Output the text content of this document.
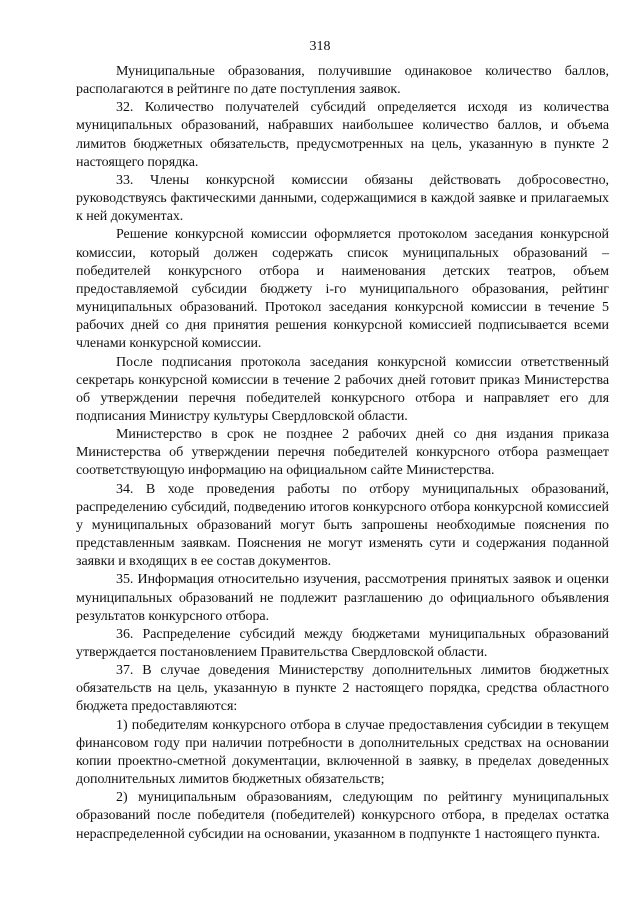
318

Муниципальные образования, получившие одинаковое количество баллов, располагаются в рейтинге по дате поступления заявок.

32. Количество получателей субсидий определяется исходя из количества муниципальных образований, набравших наибольшее количество баллов, и объема лимитов бюджетных обязательств, предусмотренных на цель, указанную в пункте 2 настоящего порядка.

33. Члены конкурсной комиссии обязаны действовать добросовестно, руководствуясь фактическими данными, содержащимися в каждой заявке и прилагаемых к ней документах.

Решение конкурсной комиссии оформляется протоколом заседания конкурсной комиссии, который должен содержать список муниципальных образований – победителей конкурсного отбора и наименования детских театров, объем предоставляемой субсидии бюджету i-го муниципального образования, рейтинг муниципальных образований. Протокол заседания конкурсной комиссии в течение 5 рабочих дней со дня принятия решения конкурсной комиссией подписывается всеми членами конкурсной комиссии.

После подписания протокола заседания конкурсной комиссии ответственный секретарь конкурсной комиссии в течение 2 рабочих дней готовит приказ Министерства об утверждении перечня победителей конкурсного отбора и направляет его для подписания Министру культуры Свердловской области.

Министерство в срок не позднее 2 рабочих дней со дня издания приказа Министерства об утверждении перечня победителей конкурсного отбора размещает соответствующую информацию на официальном сайте Министерства.

34. В ходе проведения работы по отбору муниципальных образований, распределению субсидий, подведению итогов конкурсного отбора конкурсной комиссией у муниципальных образований могут быть запрошены необходимые пояснения по представленным заявкам. Пояснения не могут изменять сути и содержания поданной заявки и входящих в ее состав документов.

35. Информация относительно изучения, рассмотрения принятых заявок и оценки муниципальных образований не подлежит разглашению до официального объявления результатов конкурсного отбора.

36. Распределение субсидий между бюджетами муниципальных образований утверждается постановлением Правительства Свердловской области.

37. В случае доведения Министерству дополнительных лимитов бюджетных обязательств на цель, указанную в пункте 2 настоящего порядка, средства областного бюджета предоставляются:

1) победителям конкурсного отбора в случае предоставления субсидии в текущем финансовом году при наличии потребности в дополнительных средствах на основании копии проектно-сметной документации, включенной в заявку, в пределах доведенных дополнительных лимитов бюджетных обязательств;

2) муниципальным образованиям, следующим по рейтингу муниципальных образований после победителя (победителей) конкурсного отбора, в пределах остатка нераспределенной субсидии на основании, указанном в подпункте 1 настоящего пункта.
